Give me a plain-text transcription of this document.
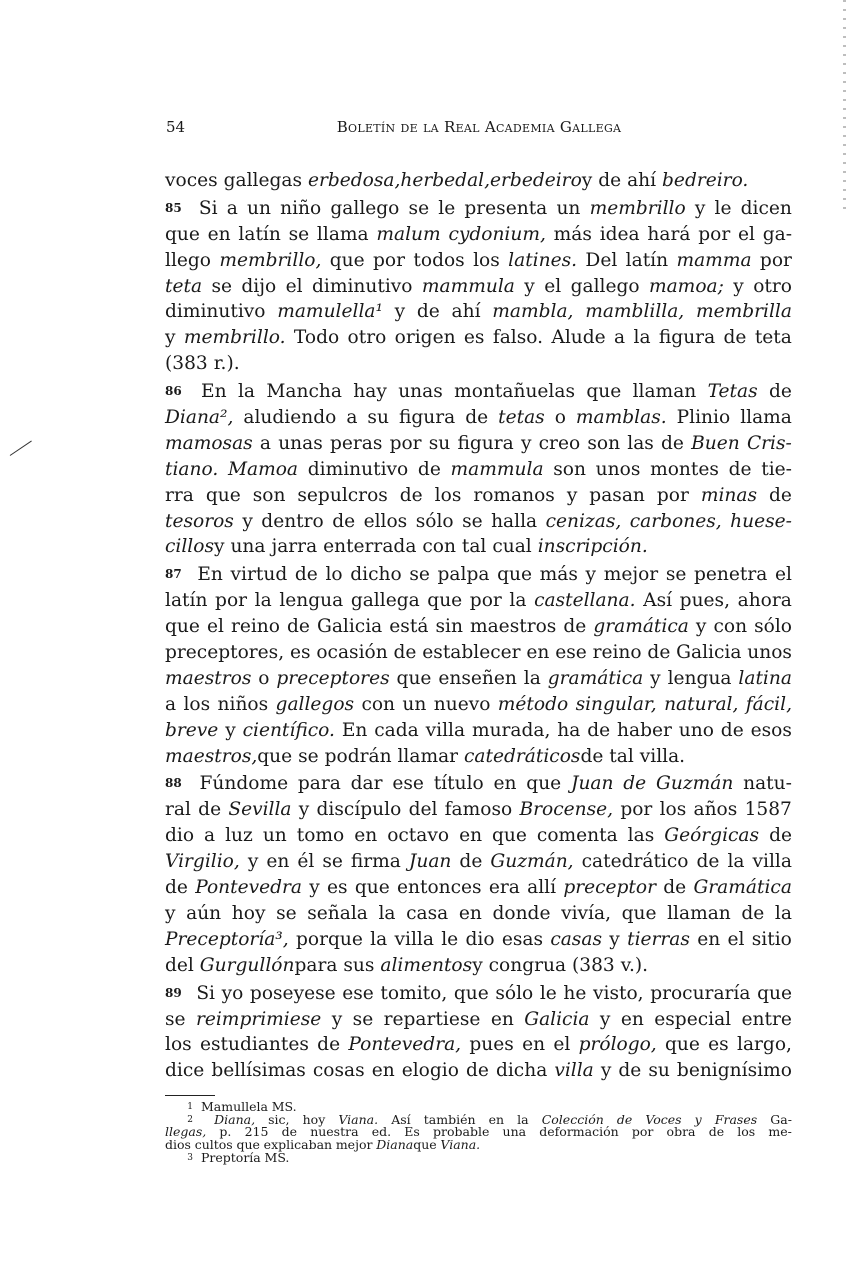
54	Boletín de la Real Academia Gallega
voces gallegas erbedosa, herbedal, erbedeiro y de ahí bedreiro.
85 Si a un niño gallego se le presenta un membrillo y le dicen
que en latín se llama malum cydonium, más idea hará por el ga-
llego membrillo, que por todos los latines. Del latín mamma por
teta se dijo el diminutivo mammula y el gallego mamoa; y otro
diminutivo mamulella¹ y de ahí mambla, mamblilla, membrilla
y membrillo. Todo otro origen es falso. Alude a la figura de teta
(383 r.).
86 En la Mancha hay unas montañuelas que llaman Tetas de
Diana², aludiendo a su figura de tetas o mamblas. Plinio llama
mamosas a unas peras por su figura y creo son las de Buen Cris-
tiano. Mamoa diminutivo de mammula son unos montes de tie-
rra que son sepulcros de los romanos y pasan por minas de
tesoros y dentro de ellos sólo se halla cenizas, carbones, huese-
cillos y una jarra enterrada con tal cual inscripción.
87 En virtud de lo dicho se palpa que más y mejor se penetra el
latín por la lengua gallega que por la castellana. Así pues, ahora
que el reino de Galicia está sin maestros de gramática y con sólo
preceptores, es ocasión de establecer en ese reino de Galicia unos
maestros o preceptores que enseñen la gramática y lengua latina
a los niños gallegos con un nuevo método singular, natural, fácil,
breve y científico. En cada villa murada, ha de haber uno de esos
maestros, que se podrán llamar catedráticos de tal villa.
88 Fúndome para dar ese título en que Juan de Guzmán natu-
ral de Sevilla y discípulo del famoso Brocense, por los años 1587
dio a luz un tomo en octavo en que comenta las Geórgicas de
Virgilio, y en él se firma Juan de Guzmán, catedrático de la villa
de Pontevedra y es que entonces era allí preceptor de Gramática
y aún hoy se señala la casa en donde vivía, que llaman de la
Preceptoría³, porque la villa le dio esas casas y tierras en el sitio
del Gurgullón para sus alimentos y congrua (383 v.).
89 Si yo poseyese ese tomito, que sólo le he visto, procuraría que
se reimprimiese y se repartiese en Galicia y en especial entre
los estudiantes de Pontevedra, pues en el prólogo, que es largo,
dice bellísimas cosas en elogio de dicha villa y de su benignísimo
1 Mamullela MS.
2 Diana, sic, hoy Viana. Así también en la Colección de Voces y Frases Ga-
llegas, p. 215 de nuestra ed. Es probable una deformación por obra de los me-
dios cultos que explicaban mejor Diana que Viana.
3 Preptoría MS.
